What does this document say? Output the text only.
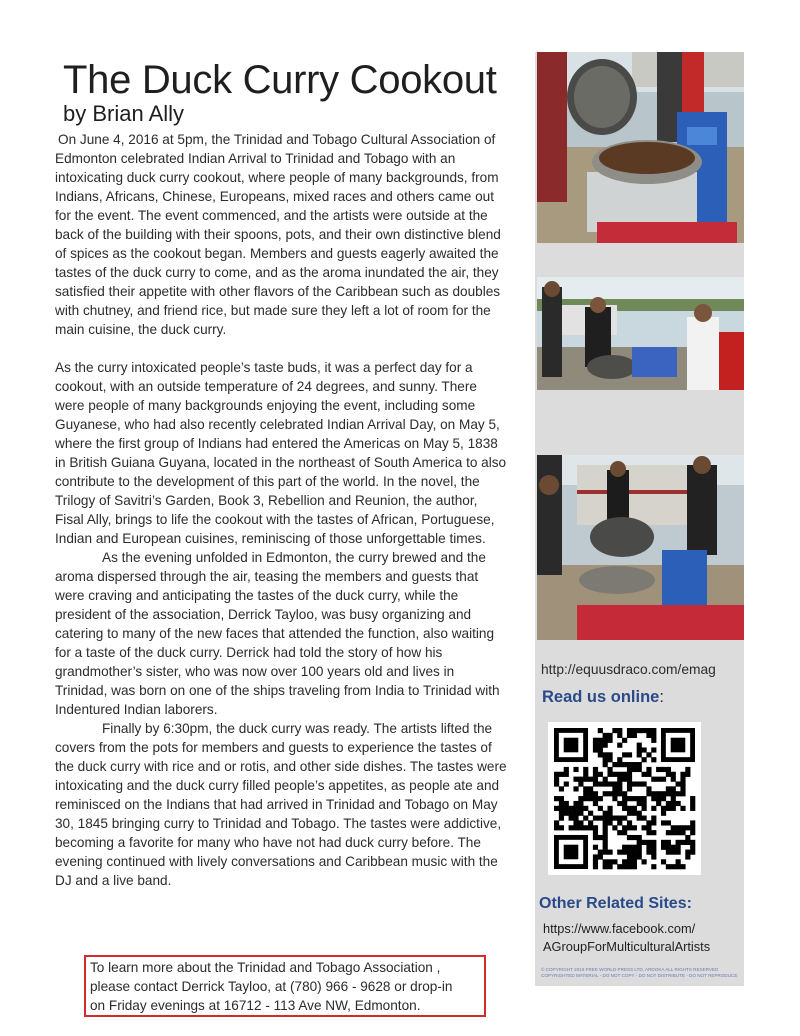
The Duck Curry Cookout
by Brian Ally

On June 4, 2016 at 5pm, the Trinidad and Tobago Cultural Association of Edmonton celebrated Indian Arrival to Trinidad and Tobago with an intoxicating duck curry cookout, where people of many backgrounds, from Indians, Africans, Chinese, Europeans, mixed races and others came out for the event. The event commenced, and the artists were outside at the back of the building with their spoons, pots, and their own distinctive blend of spices as the cookout began. Members and guests eagerly awaited the tastes of the duck curry to come, and as the aroma inundated the air, they satisfied their appetite with other flavors of the Caribbean such as doubles with chutney, and friend rice, but made sure they left a lot of room for the main cuisine, the duck curry.

As the curry intoxicated people’s taste buds, it was a perfect day for a cookout, with an outside temperature of 24 degrees, and sunny. There were people of many backgrounds enjoying the event, including some Guyanese, who had also recently celebrated Indian Arrival Day, on May 5, where the first group of Indians had entered the Americas on May 5, 1838 in British Guiana Guyana, located in the northeast of South America to also contribute to the development of this part of the world. In the novel, the Trilogy of Savitri’s Garden, Book 3, Rebellion and Reunion, the author, Fisal Ally, brings to life the cookout with the tastes of African, Portuguese, Indian and European cuisines, reminiscing of those unforgettable times.

As the evening unfolded in Edmonton, the curry brewed and the aroma dispersed through the air, teasing the members and guests that were craving and anticipating the tastes of the duck curry, while the president of the association, Derrick Tayloo, was busy organizing and catering to many of the new faces that attended the function, also waiting for a taste of the duck curry. Derrick had told the story of how his grandmother’s sister, who was now over 100 years old and lives in Trinidad, was born on one of the ships traveling from India to Trinidad with Indentured Indian laborers.

Finally by 6:30pm, the duck curry was ready. The artists lifted the covers from the pots for members and guests to experience the tastes of the duck curry with rice and or rotis, and other side dishes. The tastes were intoxicating and the duck curry filled people’s appetites, as people ate and reminisced on the Indians that had arrived in Trinidad and Tobago on May 30, 1845 bringing curry to Trinidad and Tobago. The tastes were addictive, becoming a favorite for many who have not had duck curry before. The evening continued with lively conversations and Caribbean music with the DJ and a live band.

To learn more about the Trinidad and Tobago Association ,
please contact Derrick Tayloo, at (780) 966 - 9628 or drop-in
on Friday evenings at 16712 - 113 Ave NW, Edmonton.
http://equusdraco.com/emag
Read us online:
Other Related Sites:
https://www.facebook.com/
AGroupForMulticulturalArtists
© COPYRIGHT 2016 FREE WORLD PRESS LTD, ARDOKA ALL RIGHTS RESERVED
COPYRIGHTED MATERIAL - DO NOT COPY - DO NOT DISTRIBUTE - DO NOT REPRODUCE
